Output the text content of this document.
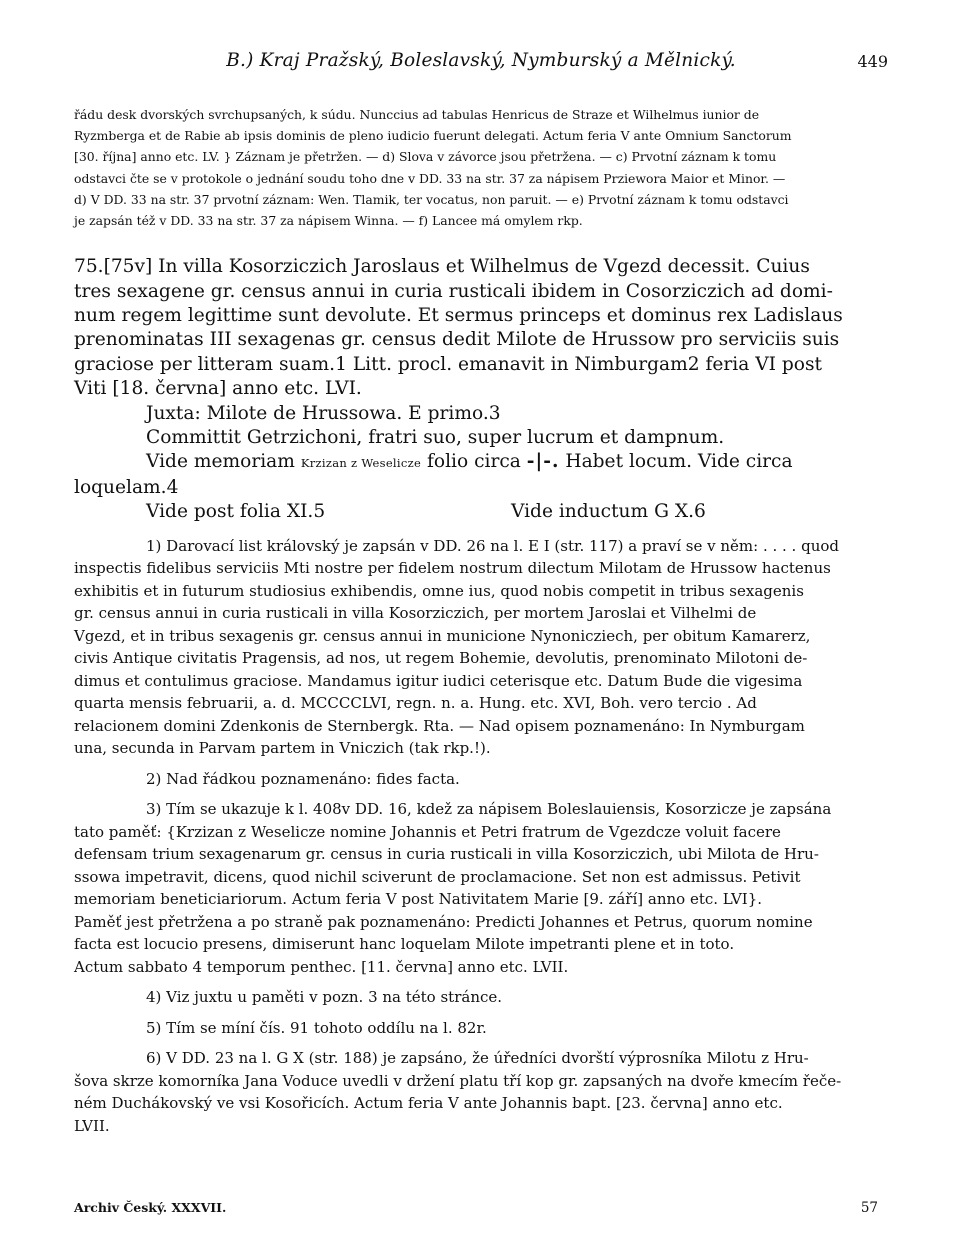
B.) Kraj Pražský, Boleslavský, Nymburský a Mělnický.	449
řádu desk dvorských svrchupsaných, k súdu. Nunccius ad tabulas Henricus de Straze et Wilhelmus iunior de
Ryzmberga et de Rabie ab ipsis dominis de pleno iudicio fuerunt delegati. Actum feria V ante Omnium Sanctorum
[30. října] anno etc. LV. } Záznam je přetržen. — d) Slova v závorce jsou přetržena. — c) Prvotní záznam k tomu
odstavci čte se v protokole o jednání soudu toho dne v DD. 33 na str. 37 za nápisem Przieworа Maior et Minor. —
d) V DD. 33 na str. 37 prvotní záznam: Wen. Tlamik, ter vocatus, non paruit. — e) Prvotní záznam k tomu odstavci
je zapsán též v DD. 33 na str. 37 za nápisem Winna. — f) Lancee má omylem rkp.

75.[75v] In villa Kosorziczich Jaroslaus et Wilhelmus de Vgezd decessit. Cuius

tres sexagene gr. census annui in curia rusticali ibidem in Cosorziczich ad domi-

num regem legittime sunt devolute. Et sermus princeps et dominus rex Ladislaus

prenominatas III sexagenas gr. census dedit Milote de Hrussow pro serviciis suis

graciose per litteram suam.1 Litt. procl. emanavit in Nimburgam2 feria VI post

Viti [18. června] anno etc. LVI.

Juxta: Milote de Hrussowa. E primo.3

Committit Getrzichoni, fratri suo, super lucrum et dampnum.

Vide memoriam Krzizan z Weselicze folio circa -|-. Habet locum. Vide circa

loquelam.4

Vide post folia XI.5	Vide inductum G X.6

1) Darovací list královský je zapsán v DD. 26 na l. E I (str. 117) a praví se v něm: . . . . quod

inspectis fidelibus serviciis Mti nostre per fidelem nostrum dilectum Milotam de Hrussow hactenus

exhibitis et in futurum studiosius exhibendis, omne ius, quod nobis competit in tribus sexagenis

gr. census annui in curia rusticali in villa Kosorziczich, per mortem Jaroslai et Vilhelmi de

Vgezd, et in tribus sexagenis gr. census annui in municione Nynoniczіech, per obitum Kamarerz,

civis Antique civitatis Pragensis, ad nos, ut regem Bohemie, devolutis, prenominato Milotoni de-

dimus et contulimus graciose. Mandamus igitur iudici ceterisque etc. Datum Bude die vigesima

quarta mensis februarii, a. d. MCCCCLVI, regn. n. a. Hung. etc. XVI, Boh. vero tercio . Ad

relacionem domini Zdenkonis de Sternbergk. Rta. — Nad opisem poznamenáno: In Nymburgam

una, secunda in Parvam partem in Vniczich (tak rkp.!).

2) Nad řádkou poznamenáno: fides facta.

3) Tím se ukazuje k l. 408v DD. 16, kdež za nápisem Boleslauiensis, Kosorzicze je zapsána

tato paměť: {Krzizan z Weselicze nomine Johannis et Petri fratrum de Vgezdcze voluit facere

defensam trium sexagenarum gr. census in curia rusticali in villa Kosorziczich, ubi Milota de Hru-

ssowa impetravit, dicens, quod nichil sciverunt de proclamacione. Set non est admissus. Petivit

memoriam beneticiariorum. Actum feria V post Nativitatem Marie [9. září] anno etc. LVI}.

Paměť jest přetržena a po straně pak poznamenáno: Predicti Johannes et Petrus, quorum nomine

facta est locucio presens, dimiserunt hanc loquelam Milote impetranti plene et in toto.

Actum sabbato 4 temporum penthec. [11. června] anno etc. LVII.

4) Viz juxtu u paměti v pozn. 3 na této stránce.

5) Tím se míní čís. 91 tohoto oddílu na l. 82r.

6) V DD. 23 na l. G X (str. 188) je zapsáno, že úředníci dvorští výprosníka Milotu z Hru-

šova skrze komorníka Jana Voduce uvedli v držení platu tří kop gr. zapsaných na dvoře kmecím řeče-

ném Duchákovský ve vsi Kosořicích. Actum feria V ante Johannis bapt. [23. června] anno etc.

LVII.

Archiv Český. XXXVII.	57
